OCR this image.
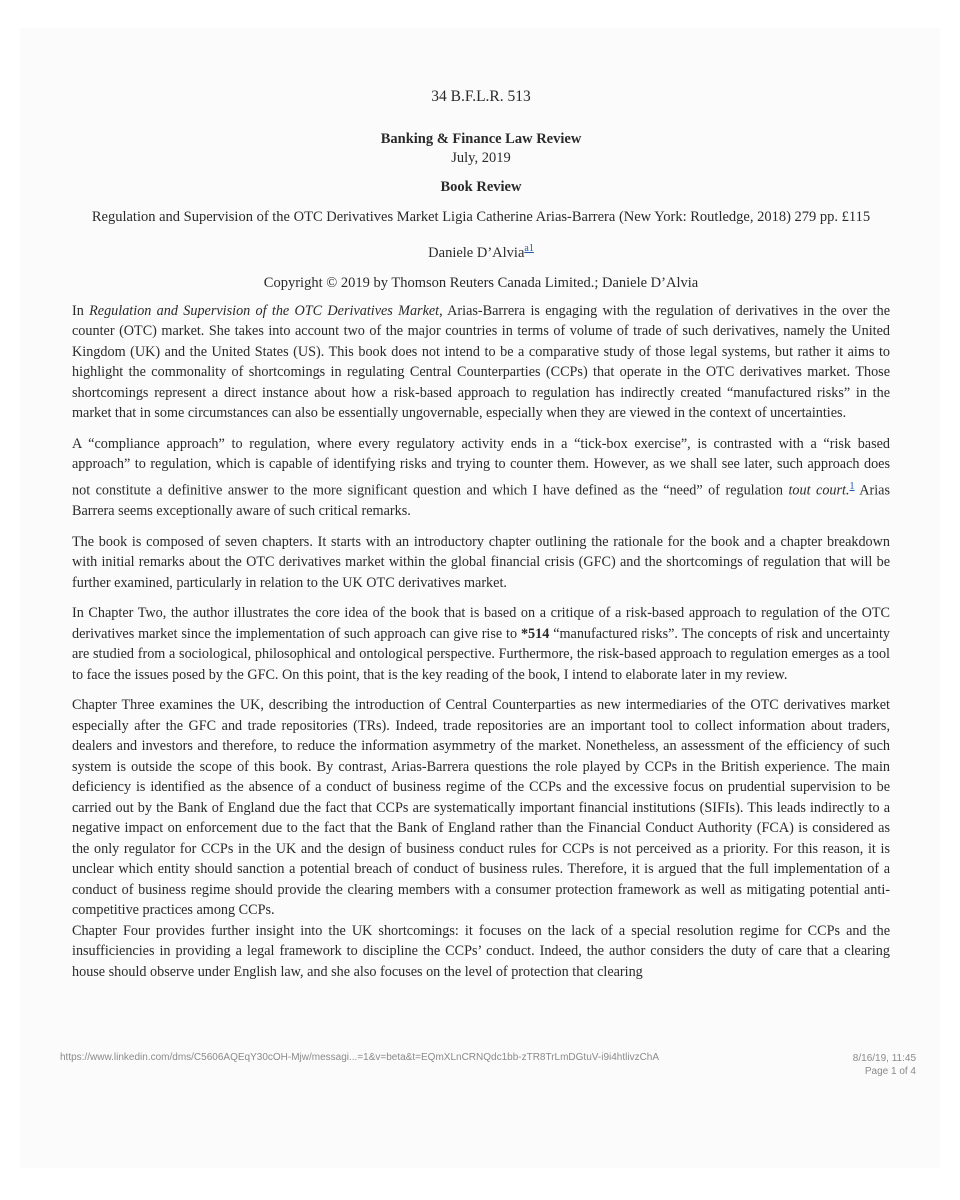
34 B.F.L.R. 513

Banking & Finance Law Review

July, 2019

Book Review

Regulation and Supervision of the OTC Derivatives Market Ligia Catherine Arias-Barrera (New York: Routledge, 2018) 279 pp. £115

Daniele D’Alvia$^{a1}$

Copyright © 2019 by Thomson Reuters Canada Limited.; Daniele D’Alvia

In Regulation and Supervision of the OTC Derivatives Market, Arias-Barrera is engaging with the regulation of derivatives in the over the counter (OTC) market. She takes into account two of the major countries in terms of volume of trade of such derivatives, namely the United Kingdom (UK) and the United States (US). This book does not intend to be a comparative study of those legal systems, but rather it aims to highlight the commonality of shortcomings in regulating Central Counterparties (CCPs) that operate in the OTC derivatives market. Those shortcomings represent a direct instance about how a risk-based approach to regulation has indirectly created “manufactured risks” in the market that in some circumstances can also be essentially ungovernable, especially when they are viewed in the context of uncertainties.

A “compliance approach” to regulation, where every regulatory activity ends in a “tick-box exercise”, is contrasted with a “risk based approach” to regulation, which is capable of identifying risks and trying to counter them. However, as we shall see later, such approach does not constitute a definitive answer to the more significant question and which I have defined as the “need” of regulation tout court.$^1$ Arias Barrera seems exceptionally aware of such critical remarks.

The book is composed of seven chapters. It starts with an introductory chapter outlining the rationale for the book and a chapter breakdown with initial remarks about the OTC derivatives market within the global financial crisis (GFC) and the shortcomings of regulation that will be further examined, particularly in relation to the UK OTC derivatives market.

In Chapter Two, the author illustrates the core idea of the book that is based on a critique of a risk-based approach to regulation of the OTC derivatives market since the implementation of such approach can give rise to *514 “manufactured risks”. The concepts of risk and uncertainty are studied from a sociological, philosophical and ontological perspective. Furthermore, the risk-based approach to regulation emerges as a tool to face the issues posed by the GFC. On this point, that is the key reading of the book, I intend to elaborate later in my review.

Chapter Three examines the UK, describing the introduction of Central Counterparties as new intermediaries of the OTC derivatives market especially after the GFC and trade repositories (TRs). Indeed, trade repositories are an important tool to collect information about traders, dealers and investors and therefore, to reduce the information asymmetry of the market. Nonetheless, an assessment of the efficiency of such system is outside the scope of this book. By contrast, Arias-Barrera questions the role played by CCPs in the British experience. The main deficiency is identified as the absence of a conduct of business regime of the CCPs and the excessive focus on prudential supervision to be carried out by the Bank of England due the fact that CCPs are systematically important financial institutions (SIFIs). This leads indirectly to a negative impact on enforcement due to the fact that the Bank of England rather than the Financial Conduct Authority (FCA) is considered as the only regulator for CCPs in the UK and the design of business conduct rules for CCPs is not perceived as a priority. For this reason, it is unclear which entity should sanction a potential breach of conduct of business rules. Therefore, it is argued that the full implementation of a conduct of business regime should provide the clearing members with a consumer protection framework as well as mitigating potential anti-competitive practices among CCPs.

Chapter Four provides further insight into the UK shortcomings: it focuses on the lack of a special resolution regime for CCPs and the insufficiencies in providing a legal framework to discipline the CCPs’ conduct. Indeed, the author considers the duty of care that a clearing house should observe under English law, and she also focuses on the level of protection that clearing

https://www.linkedin.com/dms/C5606AQEqY30cOH-Mjw/messagi...=1&v=beta&t=EQmXLnCRNQdc1bb-zTR8TrLmDGtuV-i9i4htlivzChA	8/16/19, 11:45
Page 1 of 4
